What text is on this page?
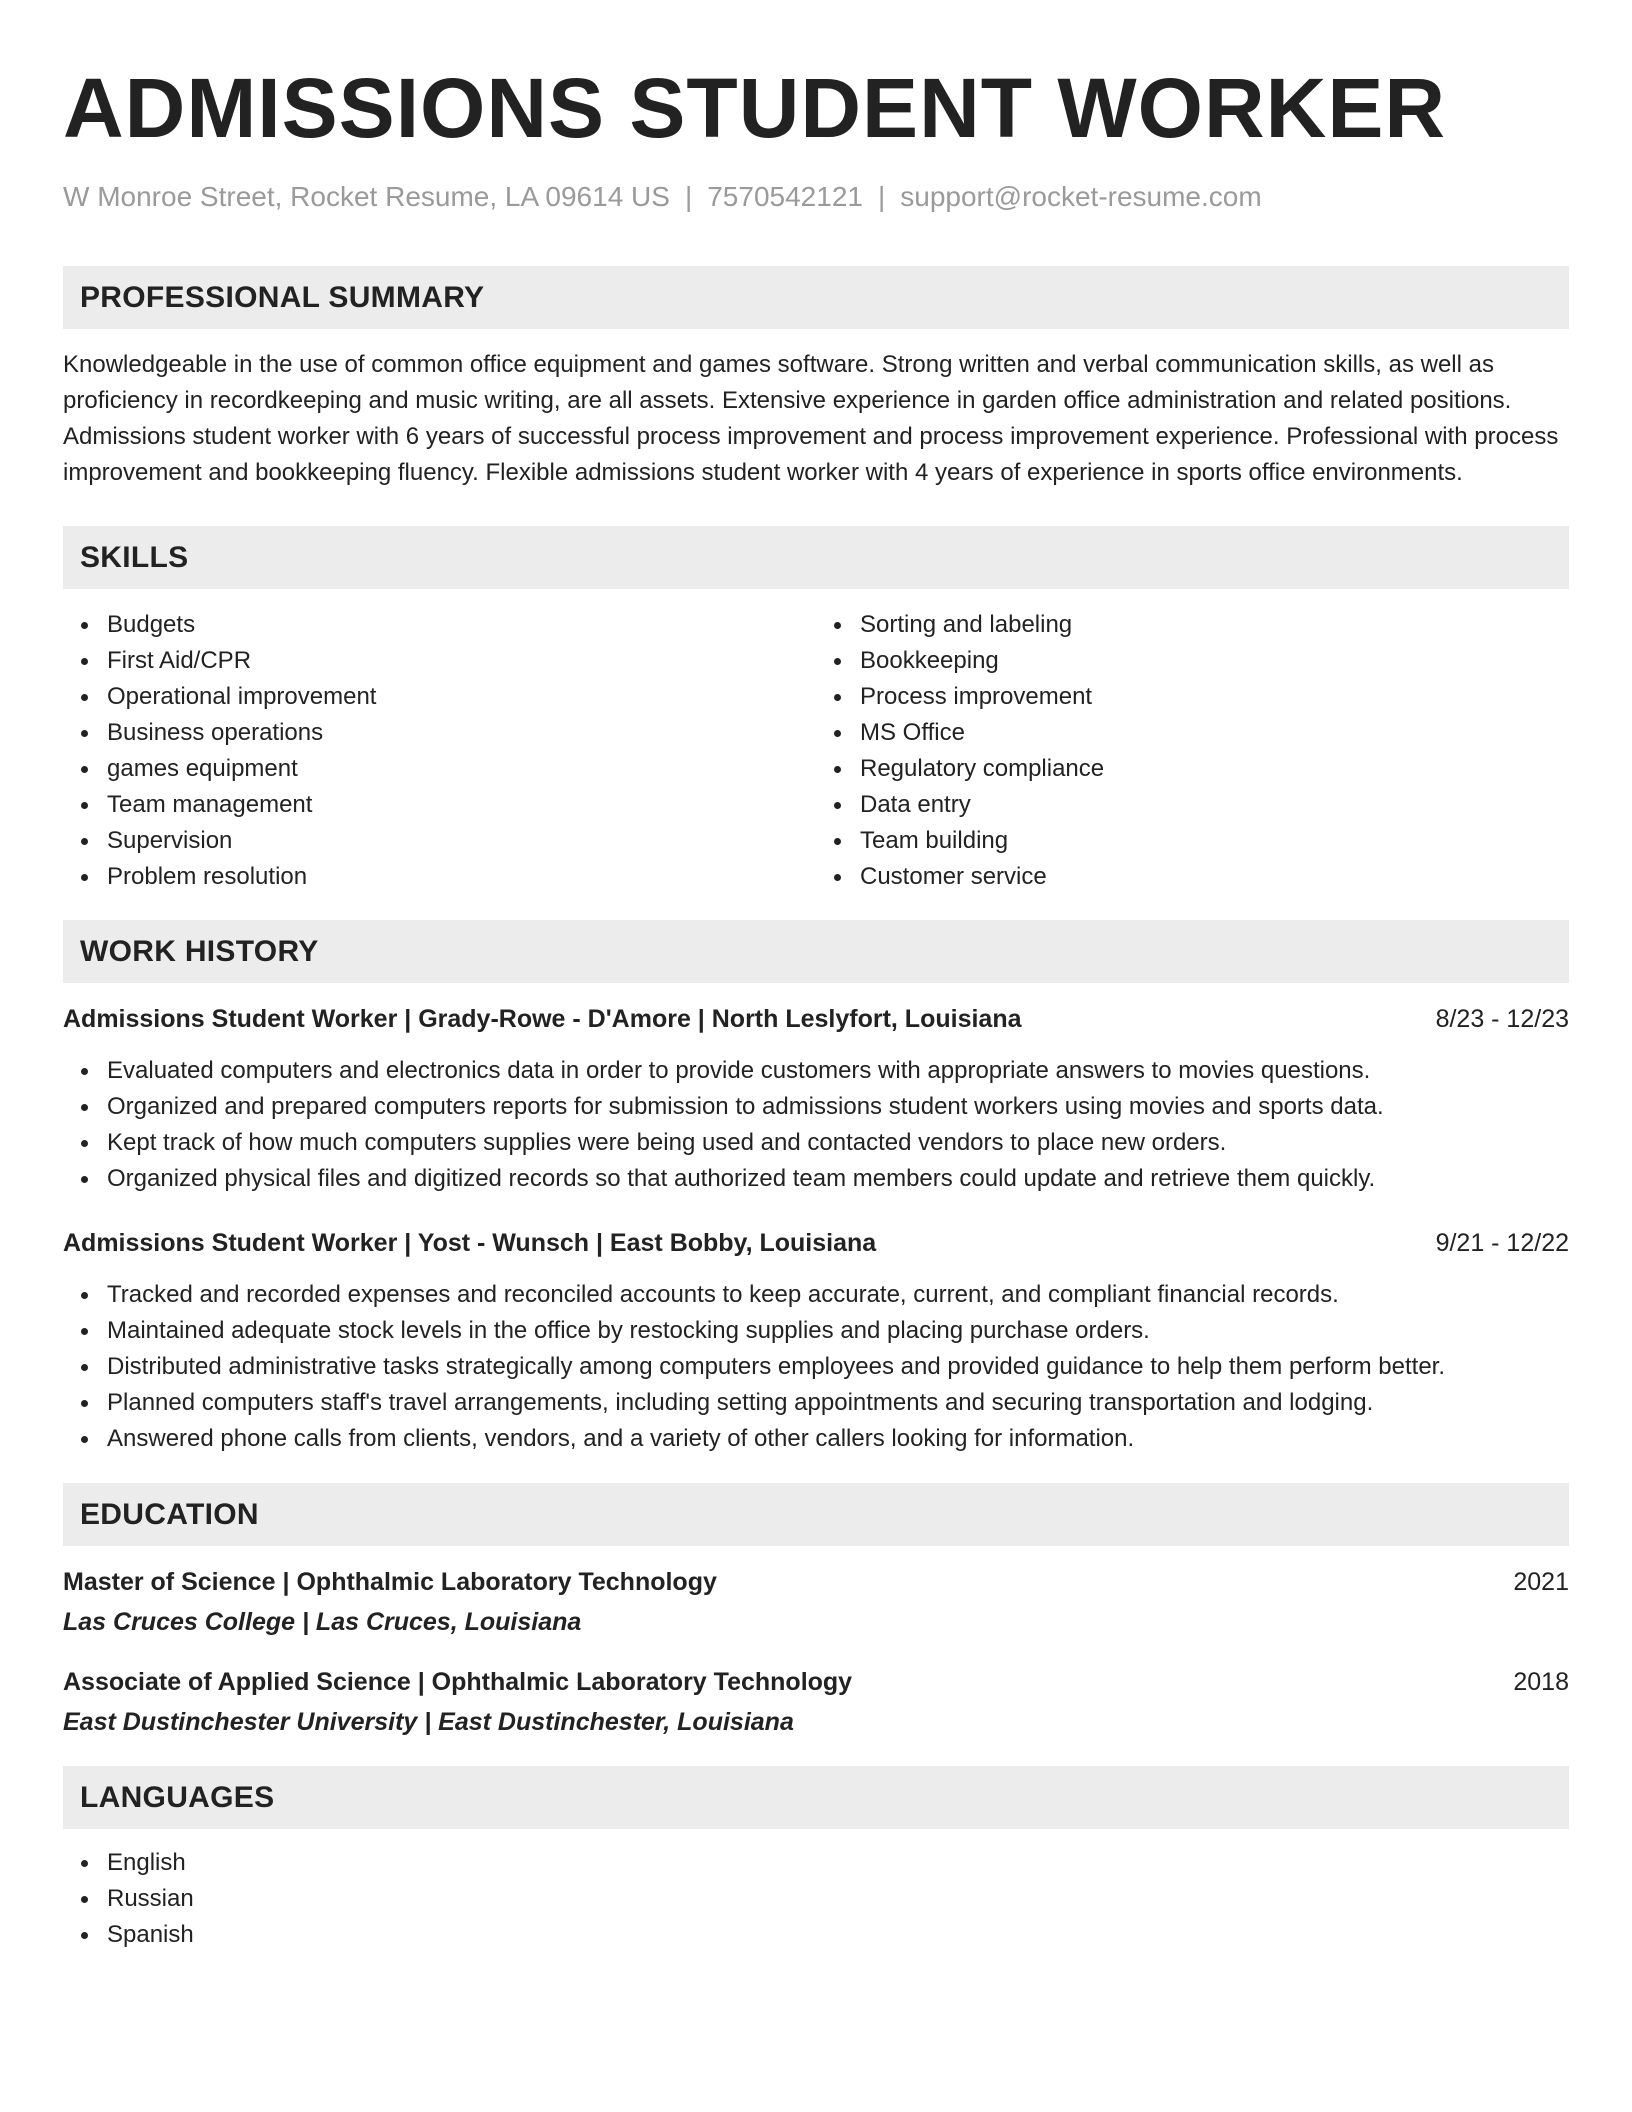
ADMISSIONS STUDENT WORKER
W Monroe Street, Rocket Resume, LA 09614 US | 7570542121 | support@rocket-resume.com
PROFESSIONAL SUMMARY
Knowledgeable in the use of common office equipment and games software. Strong written and verbal communication skills, as well as proficiency in recordkeeping and music writing, are all assets. Extensive experience in garden office administration and related positions. Admissions student worker with 6 years of successful process improvement and process improvement experience. Professional with process improvement and bookkeeping fluency. Flexible admissions student worker with 4 years of experience in sports office environments.
SKILLS
Budgets
First Aid/CPR
Operational improvement
Business operations
games equipment
Team management
Supervision
Problem resolution
Sorting and labeling
Bookkeeping
Process improvement
MS Office
Regulatory compliance
Data entry
Team building
Customer service
WORK HISTORY
Admissions Student Worker | Grady-Rowe - D'Amore | North Leslyfort, Louisiana	8/23 - 12/23
Evaluated computers and electronics data in order to provide customers with appropriate answers to movies questions.
Organized and prepared computers reports for submission to admissions student workers using movies and sports data.
Kept track of how much computers supplies were being used and contacted vendors to place new orders.
Organized physical files and digitized records so that authorized team members could update and retrieve them quickly.
Admissions Student Worker | Yost - Wunsch | East Bobby, Louisiana	9/21 - 12/22
Tracked and recorded expenses and reconciled accounts to keep accurate, current, and compliant financial records.
Maintained adequate stock levels in the office by restocking supplies and placing purchase orders.
Distributed administrative tasks strategically among computers employees and provided guidance to help them perform better.
Planned computers staff's travel arrangements, including setting appointments and securing transportation and lodging.
Answered phone calls from clients, vendors, and a variety of other callers looking for information.
EDUCATION
Master of Science | Ophthalmic Laboratory Technology	2021
Las Cruces College | Las Cruces, Louisiana
Associate of Applied Science | Ophthalmic Laboratory Technology	2018
East Dustinchester University | East Dustinchester, Louisiana
LANGUAGES
English
Russian
Spanish
